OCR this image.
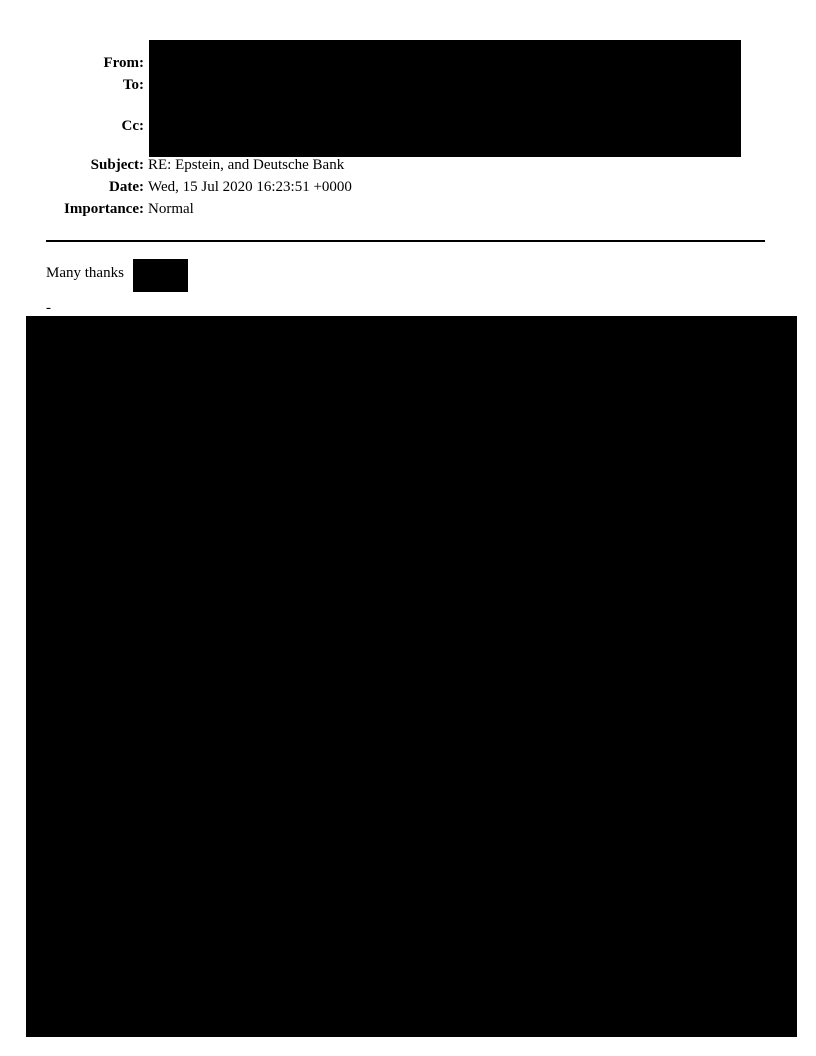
From:
To:
Cc:
Subject: RE: Epstein, and Deutsche Bank
Date: Wed, 15 Jul 2020 16:23:51 +0000
Importance: Normal
Many thanks
-
